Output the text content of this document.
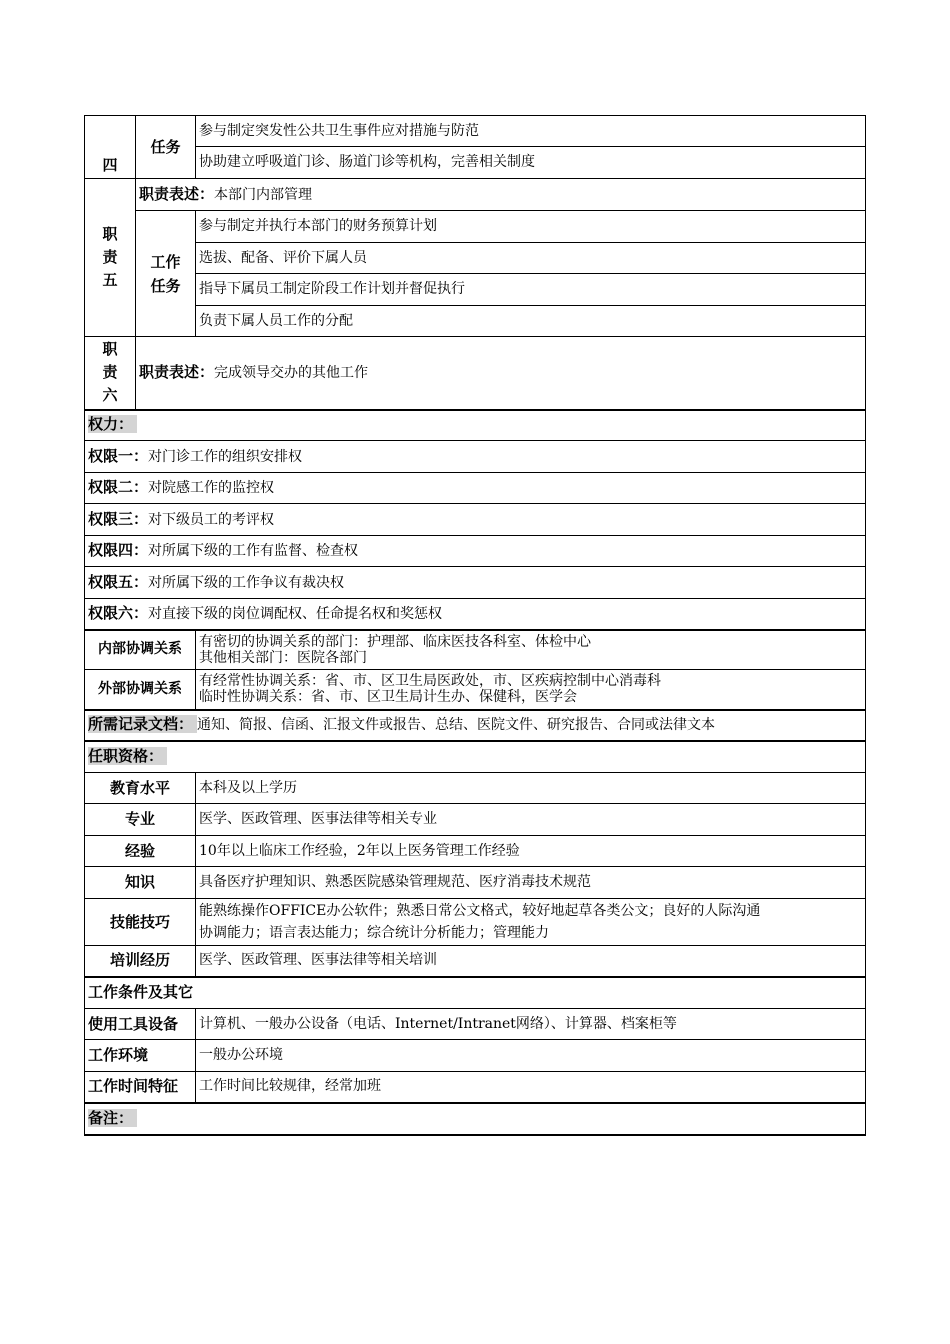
四	任务	参与制定突发性公共卫生事件应对措施与防范
		协助建立呼吸道门诊、肠道门诊等机构，完善相关制度
职
责
五	职责表述：本部门内部管理	
	工作
任务	参与制定并执行本部门的财务预算计划
		选拔、配备、评价下属人员
		指导下属员工制定阶段工作计划并督促执行
		负责下属人员工作的分配
职
责
六	职责表述：完成领导交办的其他工作	
权力：		
权限一：对门诊工作的组织安排权		
权限二：对院感工作的监控权		
权限三：对下级员工的考评权		
权限四：对所属下级的工作有监督、检查权		
权限五：对所属下级的工作争议有裁决权		
权限六：对直接下级的岗位调配权、任命提名权和奖惩权		
内部协调关系		有密切的协调关系的部门：护理部、临床医技各科室、体检中心
其他相关部门：医院各部门
外部协调关系		有经常性协调关系：省、市、区卫生局医政处，市、区疾病控制中心消毒科
临时性协调关系：省、市、区卫生局计生办、保健科，医学会
所需记录文档： 通知、简报、信函、汇报文件或报告、总结、医院文件、研究报告、合同或法律文本		
任职资格：		
教育水平		本科及以上学历
专业		医学、医政管理、医事法律等相关专业
经验		10年以上临床工作经验，2年以上医务管理工作经验
知识		具备医疗护理知识、熟悉医院感染管理规范、医疗消毒技术规范
技能技巧		能熟练操作OFFICE办公软件；熟悉日常公文格式，较好地起草各类公文；良好的人际沟通
协调能力；语言表达能力；综合统计分析能力；管理能力
培训经历		医学、医政管理、医事法律等相关培训
工作条件及其它		
使用工具设备		计算机、一般办公设备（电话、Internet/Intranet网络）、计算器、档案柜等
工作环境		一般办公环境
工作时间特征		工作时间比较规律，经常加班
备注：		
